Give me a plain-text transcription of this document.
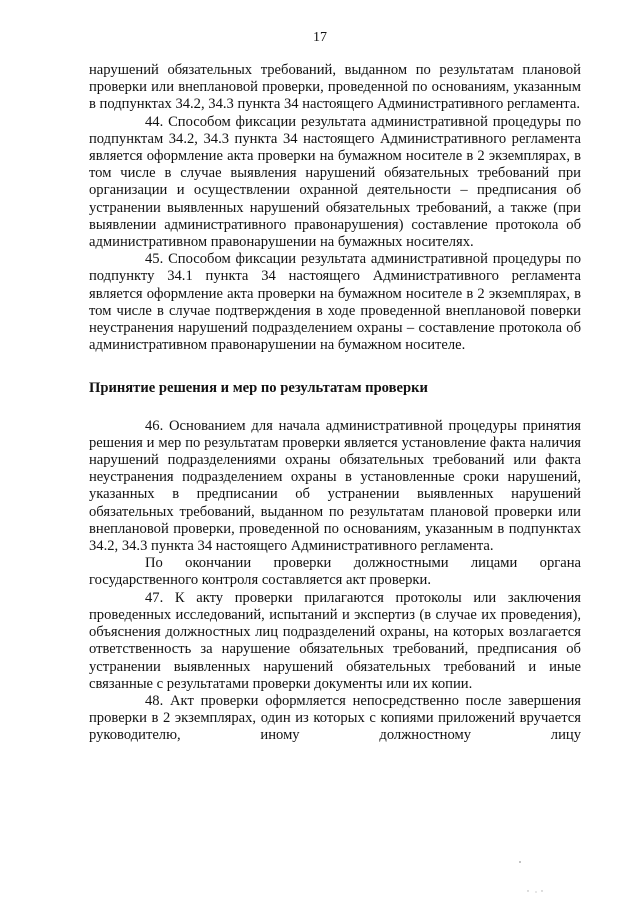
17

нарушений обязательных требований, выданном по результатам плановой проверки или внеплановой проверки, проведенной по основаниям, указанным в подпунктах 34.2, 34.3 пункта 34 настоящего Административного регламента.

44. Способом фиксации результата административной процедуры по подпунктам 34.2, 34.3 пункта 34 настоящего Административного регламента является оформление акта проверки на бумажном носителе в 2 экземплярах, в том числе в случае выявления нарушений обязательных требований при организации и осуществлении охранной деятельности – предписания об устранении выявленных нарушений обязательных требований, а также (при выявлении административного правонарушения) составление протокола об административном правонарушении на бумажных носителях.

45. Способом фиксации результата административной процедуры по подпункту 34.1 пункта 34 настоящего Административного регламента является оформление акта проверки на бумажном носителе в 2 экземплярах, в том числе в случае подтверждения в ходе проведенной внеплановой поверки неустранения нарушений подразделением охраны – составление протокола об административном правонарушении на бумажном носителе.

Принятие решения и мер по результатам проверки

46. Основанием для начала административной процедуры принятия решения и мер по результатам проверки является установление факта наличия нарушений подразделениями охраны обязательных требований или факта неустранения подразделением охраны в установленные сроки нарушений, указанных в предписании об устранении выявленных нарушений обязательных требований, выданном по результатам плановой проверки или внеплановой проверки, проведенной по основаниям, указанным в подпунктах 34.2, 34.3 пункта 34 настоящего Административного регламента.

По окончании проверки должностными лицами органа государственного контроля составляется акт проверки.

47. К акту проверки прилагаются протоколы или заключения проведенных исследований, испытаний и экспертиз (в случае их проведения), объяснения должностных лиц подразделений охраны, на которых возлагается ответственность за нарушение обязательных требований, предписания об устранении выявленных нарушений обязательных требований и иные связанные с результатами проверки документы или их копии.

48. Акт проверки оформляется непосредственно после завершения проверки в 2 экземплярах, один из которых с копиями приложений вручается руководителю, иному должностному лицу
